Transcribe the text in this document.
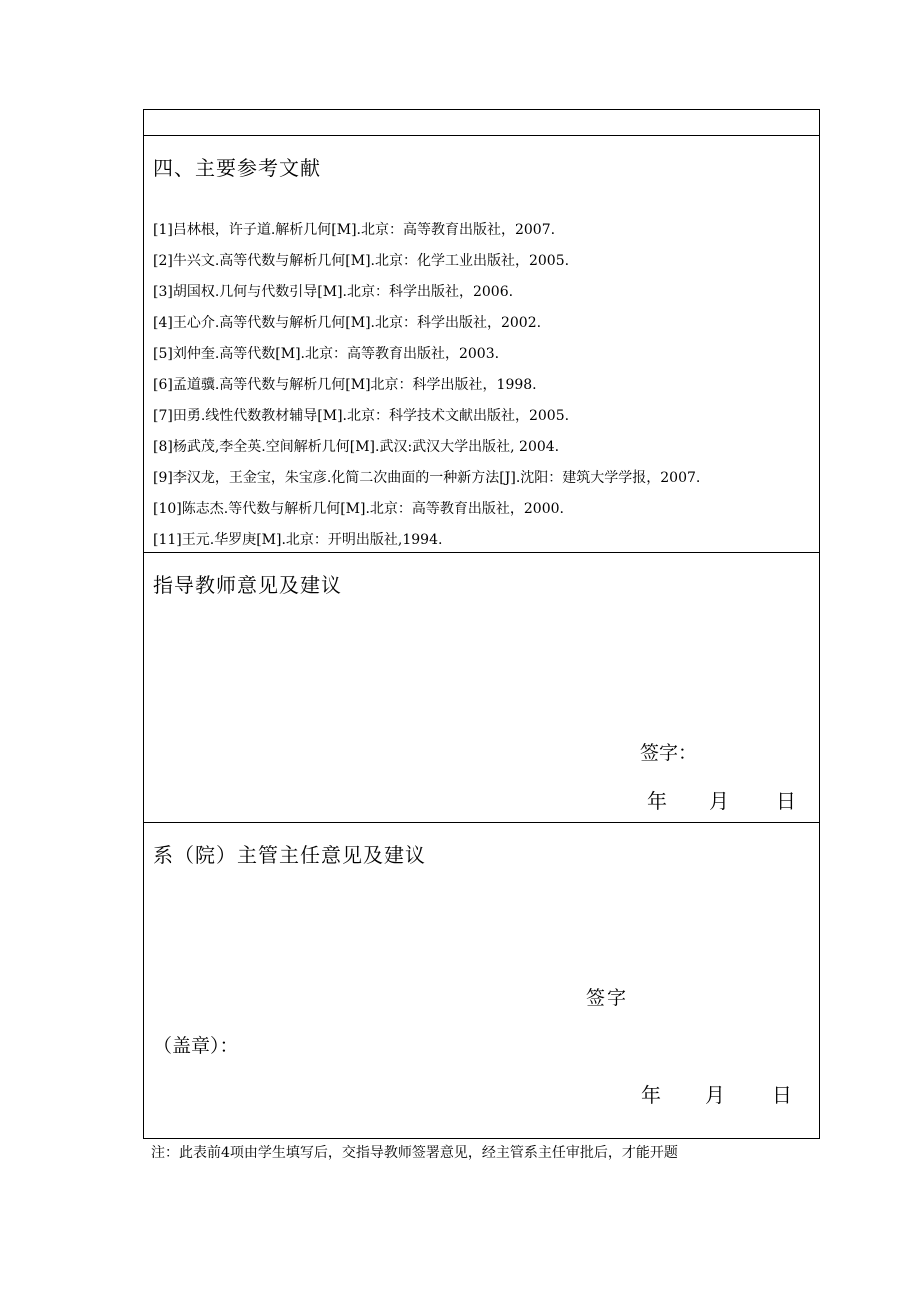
四、主要参考文献
[1]吕林根，许子道.解析几何[M].北京：高等教育出版社，2007.
[2]牛兴文.高等代数与解析几何[M].北京：化学工业出版社，2005.
[3]胡国权.几何与代数引导[M].北京：科学出版社，2006.
[4]王心介.高等代数与解析几何[M].北京：科学出版社，2002.
[5]刘仲奎.高等代数[M].北京：高等教育出版社，2003.
[6]孟道骥.高等代数与解析几何[M]北京：科学出版社，1998.
[7]田勇.线性代数教材辅导[M].北京：科学技术文献出版社，2005.
[8]杨武茂,李全英.空间解析几何[M].武汉:武汉大学出版社, 2004.
[9]李汉龙，王金宝，朱宝彦.化简二次曲面的一种新方法[J].沈阳：建筑大学学报，2007.
[10]陈志杰.等代数与解析几何[M].北京：高等教育出版社，2000.
[11]王元.华罗庚[M].北京：开明出版社,1994.
指导教师意见及建议
签字：
年 月 日
系（院）主管主任意见及建议
签字
（盖章）：
年 月 日
注：此表前4项由学生填写后，交指导教师签署意见，经主管系主任审批后，才能开题
